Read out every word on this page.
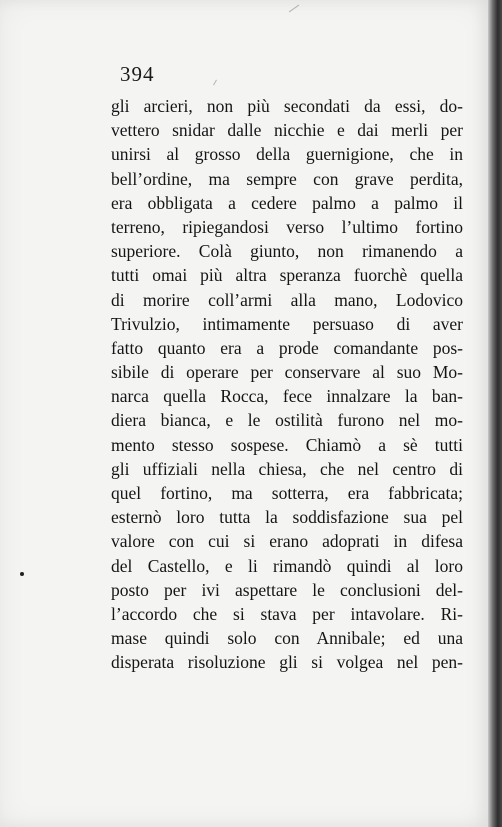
394
gli arcieri, non più secondati da essi, do-
vettero snidar dalle nicchie e dai merli per
unirsi al grosso della guernigione, che in
bell’ordine, ma sempre con grave perdita,
era obbligata a cedere palmo a palmo il
terreno, ripiegandosi verso l’ultimo fortino
superiore. Colà giunto, non rimanendo a
tutti omai più altra speranza fuorchè quella
di morire coll’armi alla mano, Lodovico
Trivulzio, intimamente persuaso di aver
fatto quanto era a prode comandante pos-
sibile di operare per conservare al suo Mo-
narca quella Rocca, fece innalzare la ban-
diera bianca, e le ostilità furono nel mo-
mento stesso sospese. Chiamò a sè tutti
gli uffiziali nella chiesa, che nel centro di
quel fortino, ma sotterra, era fabbricata;
esternò loro tutta la soddisfazione sua pel
valore con cui si erano adoprati in difesa
del Castello, e li rimandò quindi al loro
posto per ivi aspettare le conclusioni del-
l’accordo che si stava per intavolare. Ri-
mase quindi solo con Annibale; ed una
disperata risoluzione gli si volgea nel pen-
